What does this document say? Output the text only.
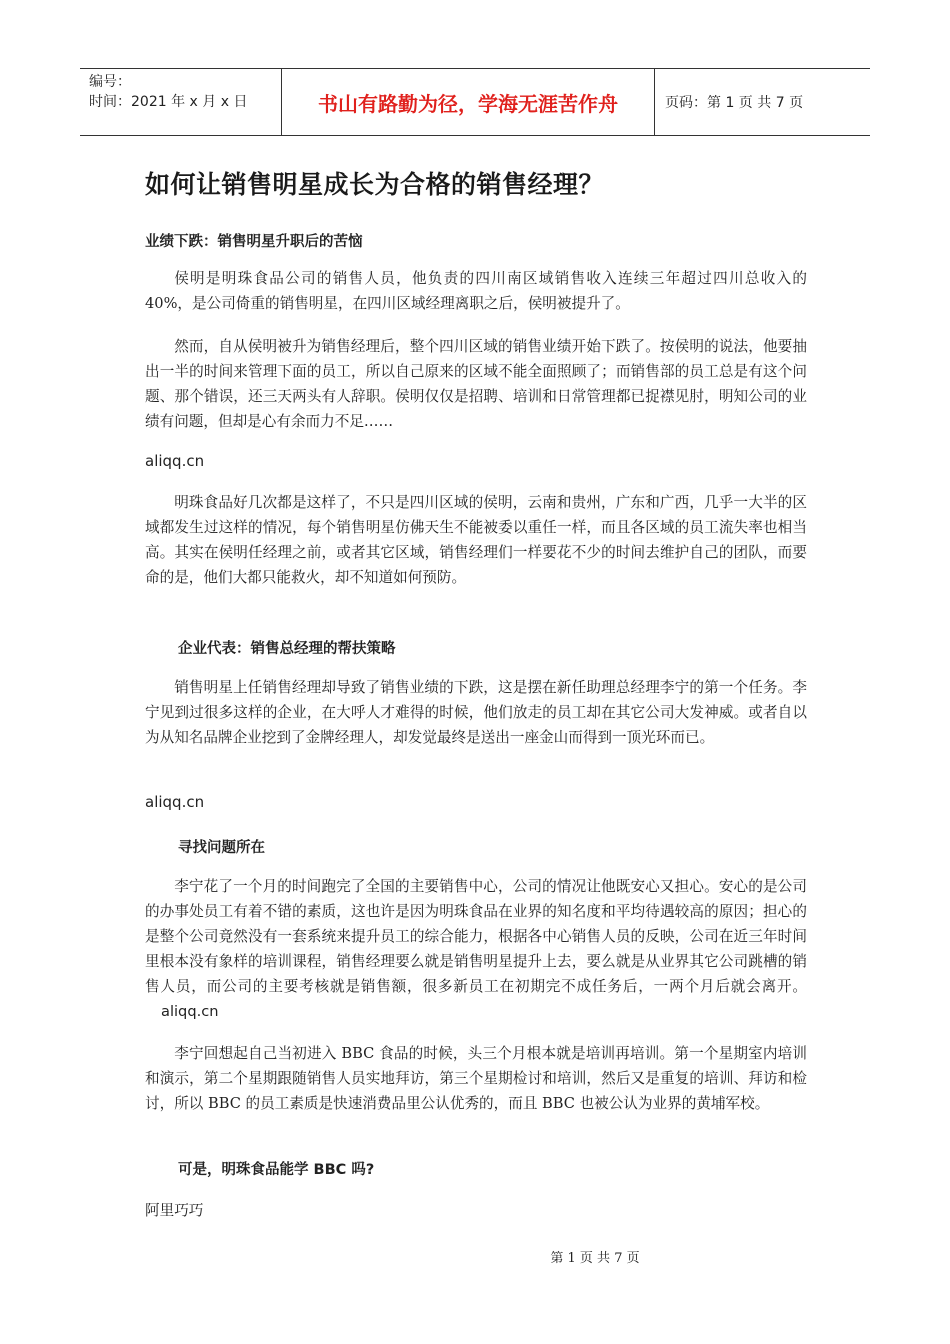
编号：
时间：2021 年 x 月 x 日	书山有路勤为径，学海无涯苦作舟	页码：第 1 页 共 7 页
如何让销售明星成长为合格的销售经理？
业绩下跌：销售明星升职后的苦恼
侯明是明珠食品公司的销售人员，他负责的四川南区域销售收入连续三年超过四川总收入的 40%，是公司倚重的销售明星，在四川区域经理离职之后，侯明被提升了。
然而，自从侯明被升为销售经理后，整个四川区域的销售业绩开始下跌了。按侯明的说法，他要抽出一半的时间来管理下面的员工，所以自己原来的区域不能全面照顾了；而销售部的员工总是有这个问题、那个错误，还三天两头有人辞职。侯明仅仅是招聘、培训和日常管理都已捉襟见肘，明知公司的业绩有问题，但却是心有余而力不足……
aliqq.cn
明珠食品好几次都是这样了，不只是四川区域的侯明，云南和贵州，广东和广西，几乎一大半的区域都发生过这样的情况，每个销售明星仿佛天生不能被委以重任一样，而且各区域的员工流失率也相当高。其实在侯明任经理之前，或者其它区域，销售经理们一样要花不少的时间去维护自己的团队，而要命的是，他们大都只能救火，却不知道如何预防。
企业代表：销售总经理的帮扶策略
销售明星上任销售经理却导致了销售业绩的下跌，这是摆在新任助理总经理李宁的第一个任务。李宁见到过很多这样的企业，在大呼人才难得的时候，他们放走的员工却在其它公司大发神威。或者自以为从知名品牌企业挖到了金牌经理人，却发觉最终是送出一座金山而得到一顶光环而已。
aliqq.cn
寻找问题所在
李宁花了一个月的时间跑完了全国的主要销售中心，公司的情况让他既安心又担心。安心的是公司的办事处员工有着不错的素质，这也许是因为明珠食品在业界的知名度和平均待遇较高的原因；担心的是整个公司竟然没有一套系统来提升员工的综合能力，根据各中心销售人员的反映，公司在近三年时间里根本没有象样的培训课程，销售经理要么就是销售明星提升上去，要么就是从业界其它公司跳槽的销售人员，而公司的主要考核就是销售额，很多新员工在初期完不成任务后，一两个月后就会离开。aliqq.cn
李宁回想起自己当初进入 BBC 食品的时候，头三个月根本就是培训再培训。第一个星期室内培训和演示，第二个星期跟随销售人员实地拜访，第三个星期检讨和培训，然后又是重复的培训、拜访和检讨，所以 BBC 的员工素质是快速消费品里公认优秀的，而且 BBC 也被公认为业界的黄埔军校。
可是，明珠食品能学 BBC 吗?
阿里巧巧
第 1 页 共 7 页
